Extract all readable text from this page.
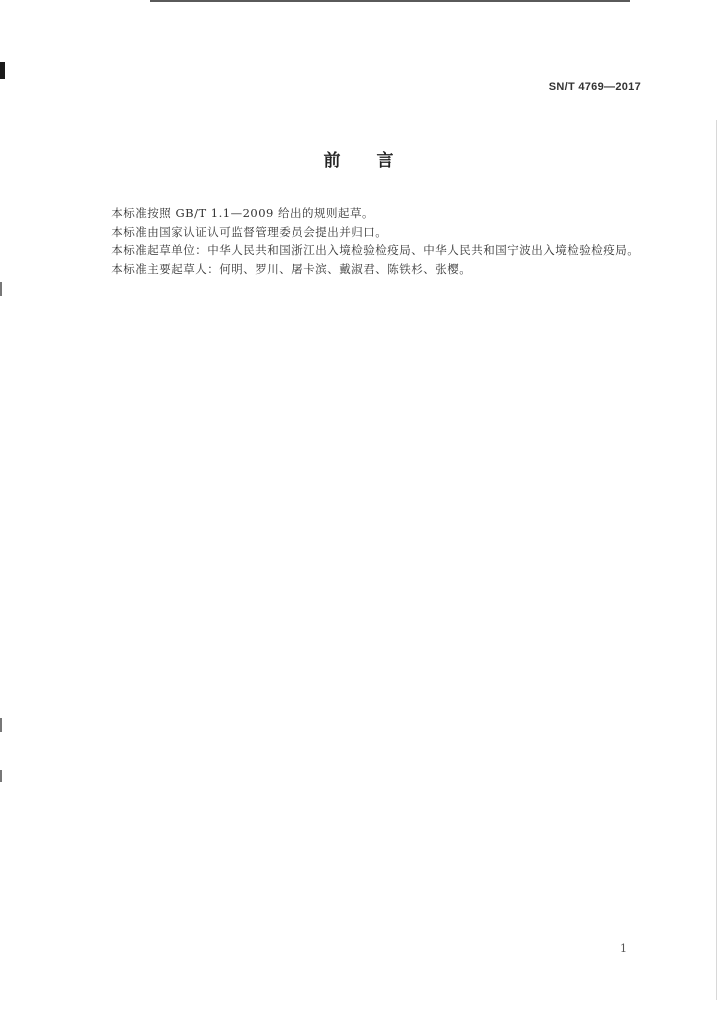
SN/T 4769—2017
前言

本标准按照 GB/T 1.1—2009 给出的规则起草。

本标准由国家认证认可监督管理委员会提出并归口。

本标准起草单位：中华人民共和国浙江出入境检验检疫局、中华人民共和国宁波出入境检验检疫局。

本标准主要起草人：何明、罗川、屠卡滨、戴淑君、陈铁杉、张樱。

1
